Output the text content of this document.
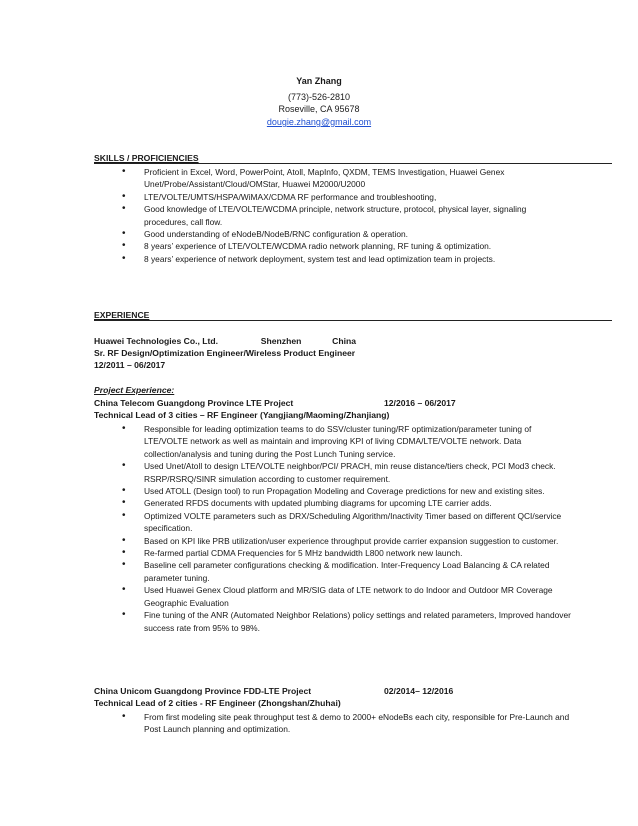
Yan Zhang
(773)-526-2810
Roseville, CA 95678
dougie.zhang@gmail.com
SKILLS / PROFICIENCIES
• Proficient in Excel, Word, PowerPoint, Atoll, MapInfo, QXDM, TEMS Investigation, Huawei Genex Unet/Probe/Assistant/Cloud/OMStar, Huawei M2000/U2000
• LTE/VOLTE/UMTS/HSPA/WiMAX/CDMA RF performance and troubleshooting,
• Good knowledge of LTE/VOLTE/WCDMA principle, network structure, protocol, physical layer, signaling procedures, call flow.
• Good understanding of eNodeB/NodeB/RNC configuration & operation.
• 8 years’ experience of LTE/VOLTE/WCDMA radio network planning, RF tuning & optimization.
• 8 years’ experience of network deployment, system test and lead optimization team in projects.
EXPERIENCE
Huawei Technologies Co., Ltd.	Shenzhen	China
Sr. RF Design/Optimization Engineer/Wireless Product Engineer
12/2011 – 06/2017
Project Experience:
China Telecom Guangdong Province LTE Project	12/2016 – 06/2017
Technical Lead of 3 cities – RF Engineer (Yangjiang/Maoming/Zhanjiang)
• Responsible for leading optimization teams to do SSV/cluster tuning/RF optimization/parameter tuning of LTE/VOLTE network as well as maintain and improving KPI of living CDMA/LTE/VOLTE network. Data collection/analysis and tuning during the Post Lunch Tuning service.
• Used Unet/Atoll to design LTE/VOLTE neighbor/PCI/ PRACH, min reuse distance/tiers check, PCI Mod3 check. RSRP/RSRQ/SINR simulation according to customer requirement.
• Used ATOLL (Design tool) to run Propagation Modeling and Coverage predictions for new and existing sites.
• Generated RFDS documents with updated plumbing diagrams for upcoming LTE carrier adds.
• Optimized VOLTE parameters such as DRX/Scheduling Algorithm/Inactivity Timer based on different QCI/service specification.
• Based on KPI like PRB utilization/user experience throughput provide carrier expansion suggestion to customer.
• Re-farmed partial CDMA Frequencies for 5 MHz bandwidth L800 network new launch.
• Baseline cell parameter configurations checking & modification. Inter-Frequency Load Balancing & CA related parameter tuning.
• Used Huawei Genex Cloud platform and MR/SIG data of LTE network to do Indoor and Outdoor MR Coverage Geographic Evaluation
• Fine tuning of the ANR (Automated Neighbor Relations) policy settings and related parameters, Improved handover success rate from 95% to 98%.
China Unicom Guangdong Province FDD-LTE Project	02/2014– 12/2016
Technical Lead of 2 cities - RF Engineer (Zhongshan/Zhuhai)
• From first modeling site peak throughput test & demo to 2000+ eNodeBs each city, responsible for Pre-Launch and Post Launch planning and optimization.
